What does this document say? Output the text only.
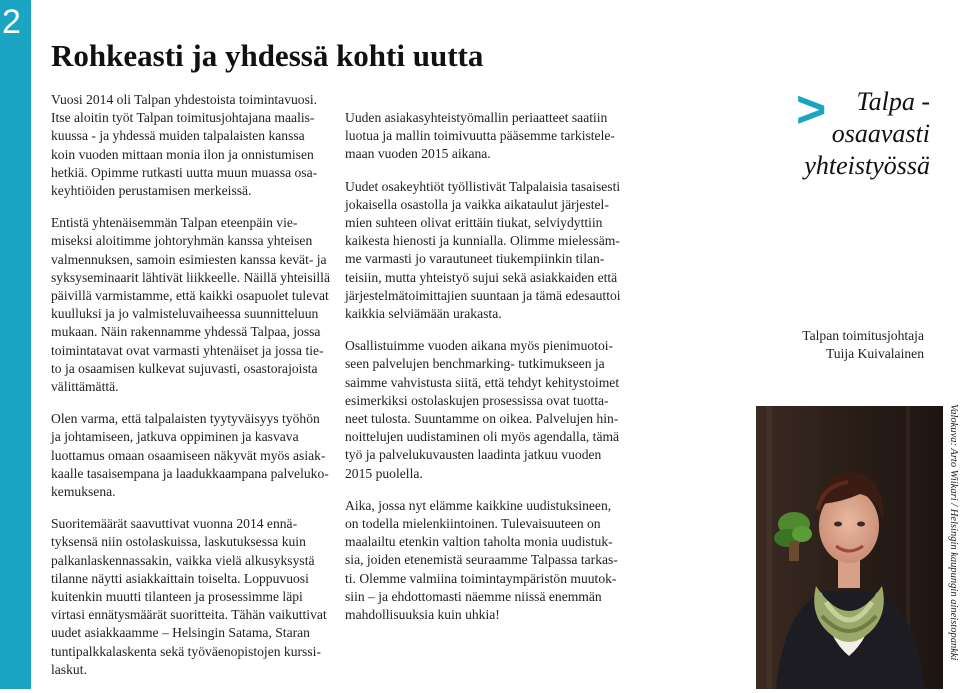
2
Rohkeasti ja yhdessä kohti uutta

Vuosi 2014 oli Talpan yhdestoista toimintavuosi.
Itse aloitin työt Talpan toimitusjohtajana maalis-
kuussa - ja yhdessä muiden talpalaisten kanssa
koin vuoden mittaan monia ilon ja onnistumisen
hetkiä. Opimme rutkasti uutta muun muassa osa-
keyhtiöiden perustamisen merkeissä.

Entistä yhtenäisemmän Talpan eteenpäin vie-
miseksi aloitimme johtoryhmän kanssa yhteisen
valmennuksen, samoin esimiesten kanssa kevät- ja
syksyseminaarit lähtivät liikkeelle. Näillä yhteisillä
päivillä varmistamme, että kaikki osapuolet tulevat
kuulluksi ja jo valmisteluvaiheessa suunnitteluun
mukaan. Näin rakennamme yhdessä Talpaa, jossa
toimintatavat ovat varmasti yhtenäiset ja jossa tie-
to ja osaamisen kulkevat sujuvasti, osastorajoista
välittämättä.

Olen varma, että talpalaisten tyytyväisyys työhön
ja johtamiseen, jatkuva oppiminen ja kasvava
luottamus omaan osaamiseen näkyvät myös asiak-
kaalle tasaisempana ja laadukkaampana palveluko-
kemuksena.

Suoritemäärät saavuttivat vuonna 2014 ennä-
tyksensä niin ostolaskuissa, laskutuksessa kuin
palkanlaskennassakin, vaikka vielä alkusyksystä
tilanne näytti asiakkaittain toiselta. Loppuvuosi
kuitenkin muutti tilanteen ja prosessimme läpi
virtasi ennätysmäärät suoritteita. Tähän vaikuttivat
uudet asiakkaamme – Helsingin Satama, Staran
tuntipalkkalaskenta sekä työväenopistojen kurssi-
laskut.

Uuden asiakasyhteistyömallin periaatteet saatiin
luotua ja mallin toimivuutta pääsemme tarkistele-
maan vuoden 2015 aikana.

Uudet osakeyhtiöt työllistivät Talpalaisia tasaisesti
jokaisella osastolla ja vaikka aikataulut järjestel-
mien suhteen olivat erittäin tiukat, selviydyttiin
kaikesta hienosti ja kunnialla. Olimme mielessäm-
me varmasti jo varautuneet tiukempiinkin tilan-
teisiin, mutta yhteistyö sujui sekä asiakkaiden että
järjestelmätoimittajien suuntaan ja tämä edesauttoi
kaikkia selviämään urakasta.

Osallistuimme vuoden aikana myös pienimuotoi-
seen palvelujen benchmarking- tutkimukseen ja
saimme vahvistusta siitä, että tehdyt kehitystoimet
esimerkiksi ostolaskujen prosessissa ovat tuotta-
neet tulosta. Suuntamme on oikea. Palvelujen hin-
noittelujen uudistaminen oli myös agendalla, tämä
työ ja palvelukuvausten laadinta jatkuu vuoden
2015 puolella.

Aika, jossa nyt elämme kaikkine uudistuksineen,
on todella mielenkiintoinen. Tulevaisuuteen on
maalailtu etenkin valtion taholta monia uudistuk-
sia, joiden etenemistä seuraamme Talpassa tarkas-
ti. Olemme valmiina toimintaympäristön muutok-
siin – ja ehdottomasti näemme niissä enemmän
mahdollisuuksia kuin uhkia!

>	Talpa -
osaavasti
yhteistyössä
Talpan toimitusjohtaja
Tuija Kuivalainen
Valokuva: Arto Wiikari / Helsingin kaupungin aineistopankki
